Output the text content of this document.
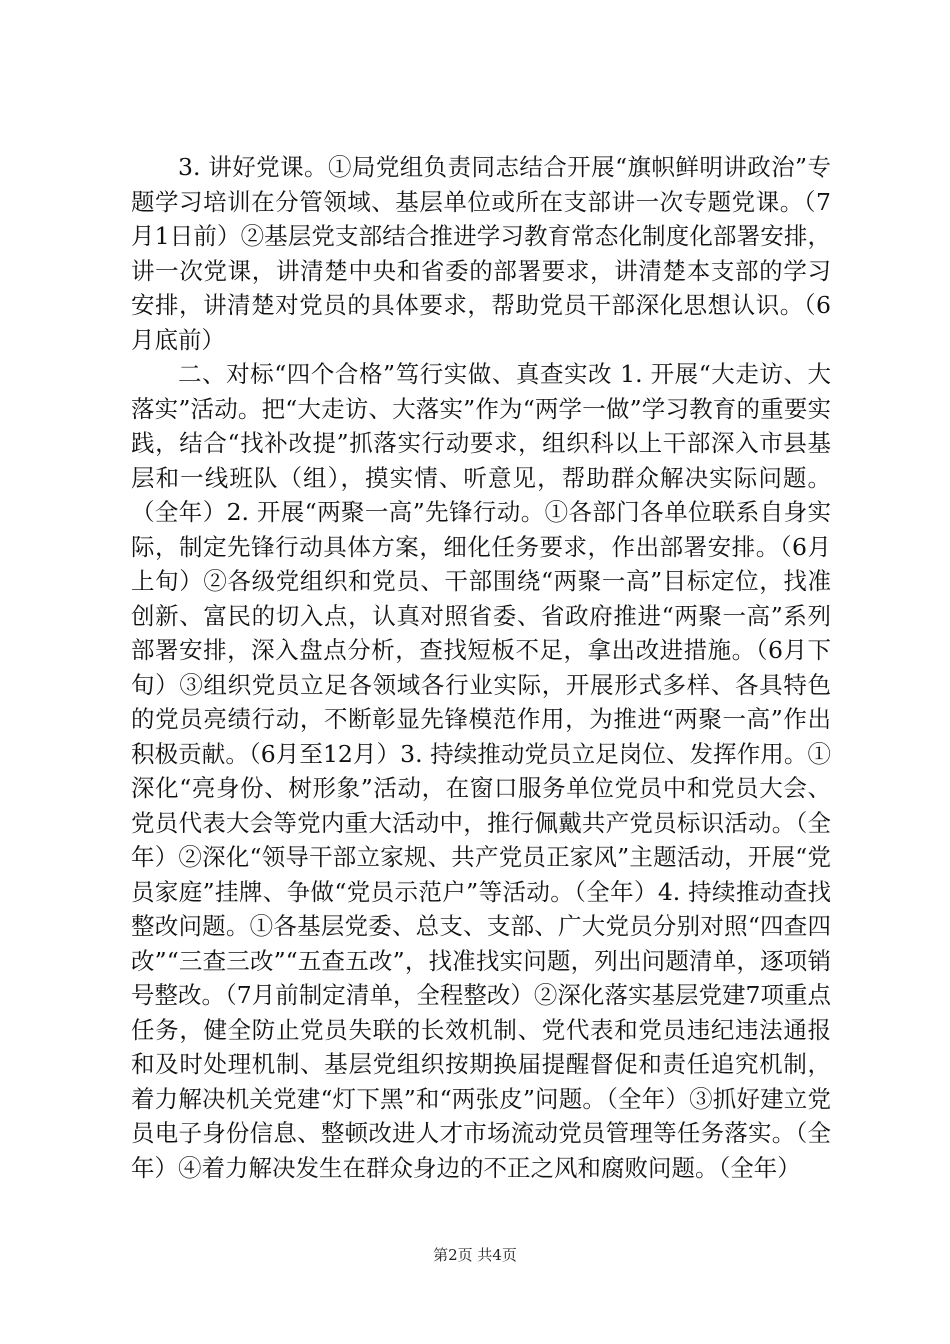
3. 讲好党课。①局党组负责同志结合开展“旗帜鲜明讲政治”专题学习培训在分管领域、基层单位或所在支部讲一次专题党课。（7月1日前）②基层党支部结合推进学习教育常态化制度化部署安排，讲一次党课，讲清楚中央和省委的部署要求，讲清楚本支部的学习安排，讲清楚对党员的具体要求，帮助党员干部深化思想认识。（6月底前）

二、对标“四个合格”笃行实做、真查实改 1. 开展“大走访、大落实”活动。把“大走访、大落实”作为“两学一做”学习教育的重要实践，结合“找补改提”抓落实行动要求，组织科以上干部深入市县基层和一线班队（组），摸实情、听意见，帮助群众解决实际问题。（全年）2. 开展“两聚一高”先锋行动。①各部门各单位联系自身实际，制定先锋行动具体方案，细化任务要求，作出部署安排。（6月上旬）②各级党组织和党员、干部围绕“两聚一高”目标定位，找准创新、富民的切入点，认真对照省委、省政府推进“两聚一高”系列部署安排，深入盘点分析，查找短板不足，拿出改进措施。（6月下旬）③组织党员立足各领域各行业实际，开展形式多样、各具特色的党员亮绩行动，不断彰显先锋模范作用，为推进“两聚一高”作出积极贡献。（6月至12月）3. 持续推动党员立足岗位、发挥作用。①深化“亮身份、树形象”活动，在窗口服务单位党员中和党员大会、党员代表大会等党内重大活动中，推行佩戴共产党员标识活动。（全年）②深化“领导干部立家规、共产党员正家风”主题活动，开展“党员家庭”挂牌、争做“党员示范户”等活动。（全年）4. 持续推动查找整改问题。①各基层党委、总支、支部、广大党员分别对照“四查四改”“三查三改”“五查五改”，找准找实问题，列出问题清单，逐项销号整改。（7月前制定清单，全程整改）②深化落实基层党建7项重点任务，健全防止党员失联的长效机制、党代表和党员违纪违法通报和及时处理机制、基层党组织按期换届提醒督促和责任追究机制，着力解决机关党建“灯下黑”和“两张皮”问题。（全年）③抓好建立党员电子身份信息、整顿改进人才市场流动党员管理等任务落实。（全年）④着力解决发生在群众身边的不正之风和腐败问题。（全年）

第2页 共4页
